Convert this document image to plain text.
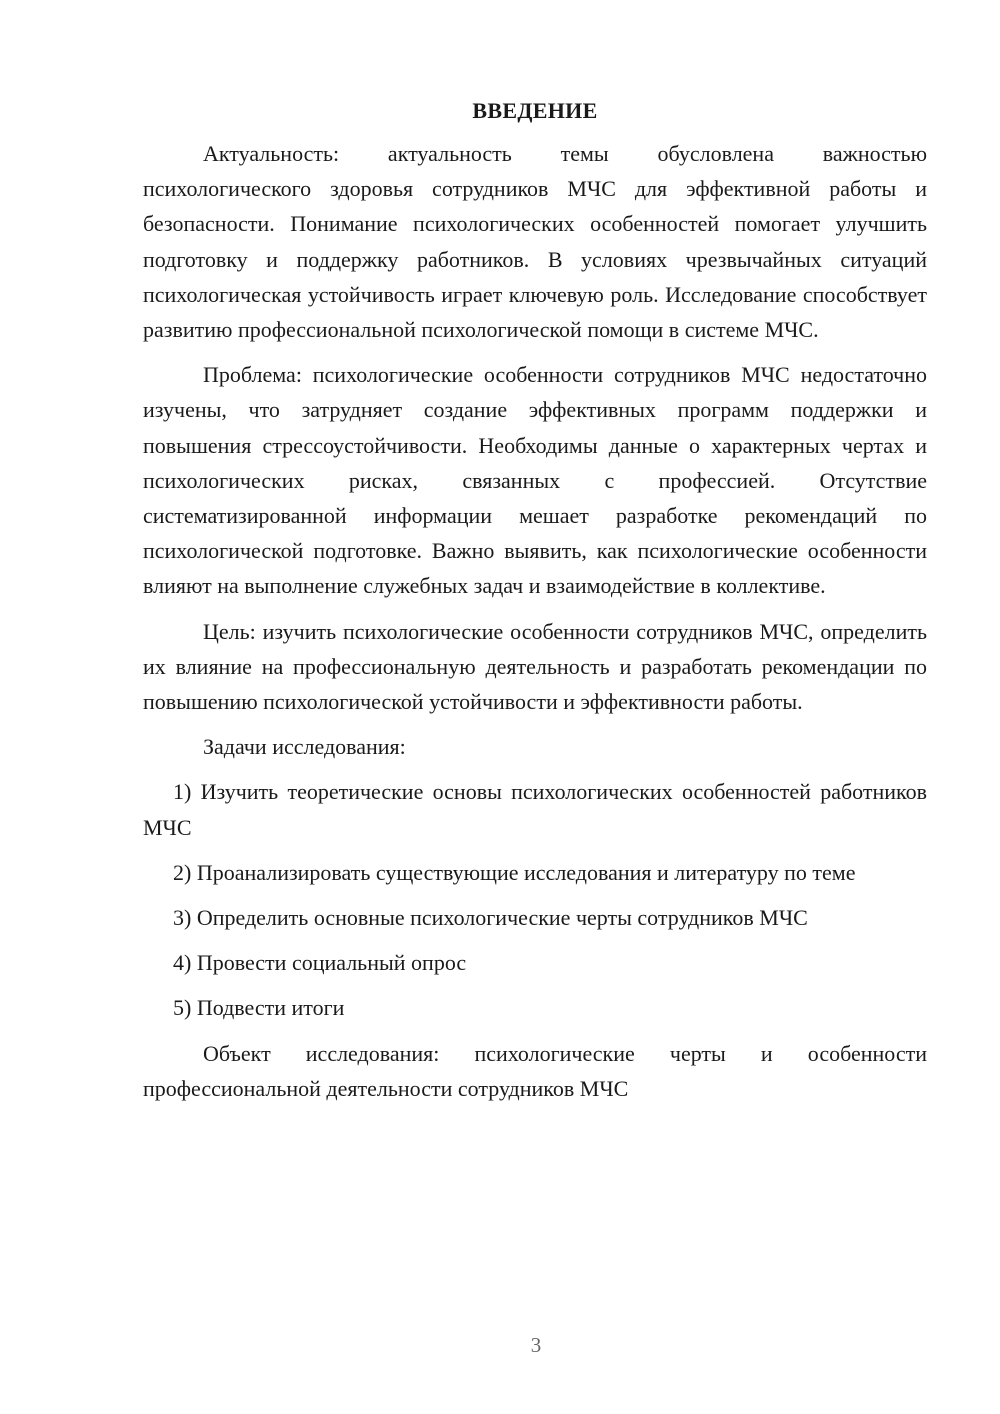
ВВЕДЕНИЕ

Актуальность: актуальность темы обусловлена важностью психологического здоровья сотрудников МЧС для эффективной работы и безопасности. Понимание психологических особенностей помогает улучшить подготовку и поддержку работников. В условиях чрезвычайных ситуаций психологическая устойчивость играет ключевую роль. Исследование способствует развитию профессиональной психологической помощи в системе МЧС.

Проблема: психологические особенности сотрудников МЧС недостаточно изучены, что затрудняет создание эффективных программ поддержки и повышения стрессоустойчивости. Необходимы данные о характерных чертах и психологических рисках, связанных с профессией. Отсутствие систематизированной информации мешает разработке рекомендаций по психологической подготовке. Важно выявить, как психологические особенности влияют на выполнение служебных задач и взаимодействие в коллективе.

Цель: изучить психологические особенности сотрудников МЧС, определить их влияние на профессиональную деятельность и разработать рекомендации по повышению психологической устойчивости и эффективности работы.

Задачи исследования:

1) Изучить теоретические основы психологических особенностей работников МЧС

2) Проанализировать существующие исследования и литературу по теме

3) Определить основные психологические черты сотрудников МЧС

4) Провести социальный опрос

5) Подвести итоги

Объект исследования: психологические черты и особенности профессиональной деятельности сотрудников МЧС

3
